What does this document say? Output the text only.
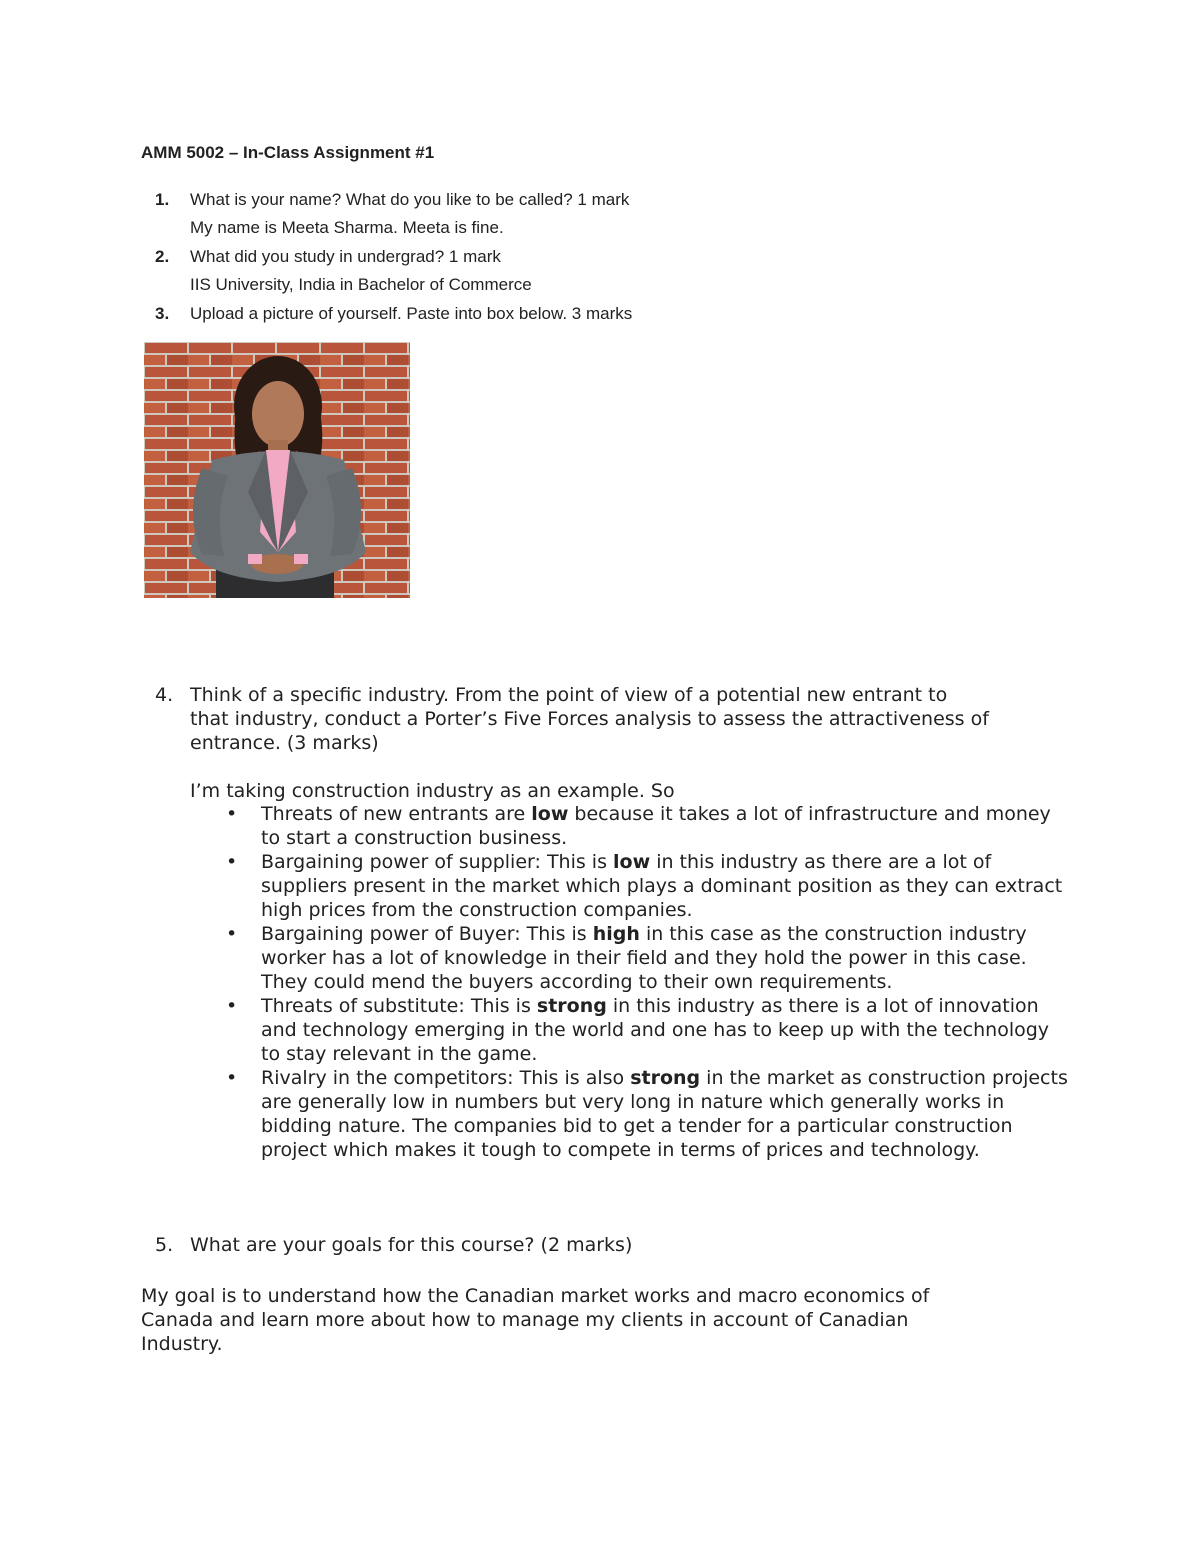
AMM 5002 – In-Class Assignment #1
1. What is your name? What do you like to be called? 1 mark
My name is Meeta Sharma. Meeta is fine.
2. What did you study in undergrad? 1 mark
IIS University, India in Bachelor of Commerce
3. Upload a picture of yourself. Paste into box below. 3 marks
4. Think of a specific industry. From the point of view of a potential new entrant to
that industry, conduct a Porter’s Five Forces analysis to assess the attractiveness of
entrance. (3 marks)
I’m taking construction industry as an example. So
• Threats of new entrants are low because it takes a lot of infrastructure and money to start a construction business.
• Bargaining power of supplier: This is low in this industry as there are a lot of suppliers present in the market which plays a dominant position as they can extract high prices from the construction companies.
• Bargaining power of Buyer: This is high in this case as the construction industry worker has a lot of knowledge in their field and they hold the power in this case. They could mend the buyers according to their own requirements.
• Threats of substitute: This is strong in this industry as there is a lot of innovation and technology emerging in the world and one has to keep up with the technology to stay relevant in the game.
• Rivalry in the competitors: This is also strong in the market as construction projects are generally low in numbers but very long in nature which generally works in bidding nature. The companies bid to get a tender for a particular construction project which makes it tough to compete in terms of prices and technology.
5. What are your goals for this course? (2 marks)
My goal is to understand how the Canadian market works and macro economics of
Canada and learn more about how to manage my clients in account of Canadian
Industry.
